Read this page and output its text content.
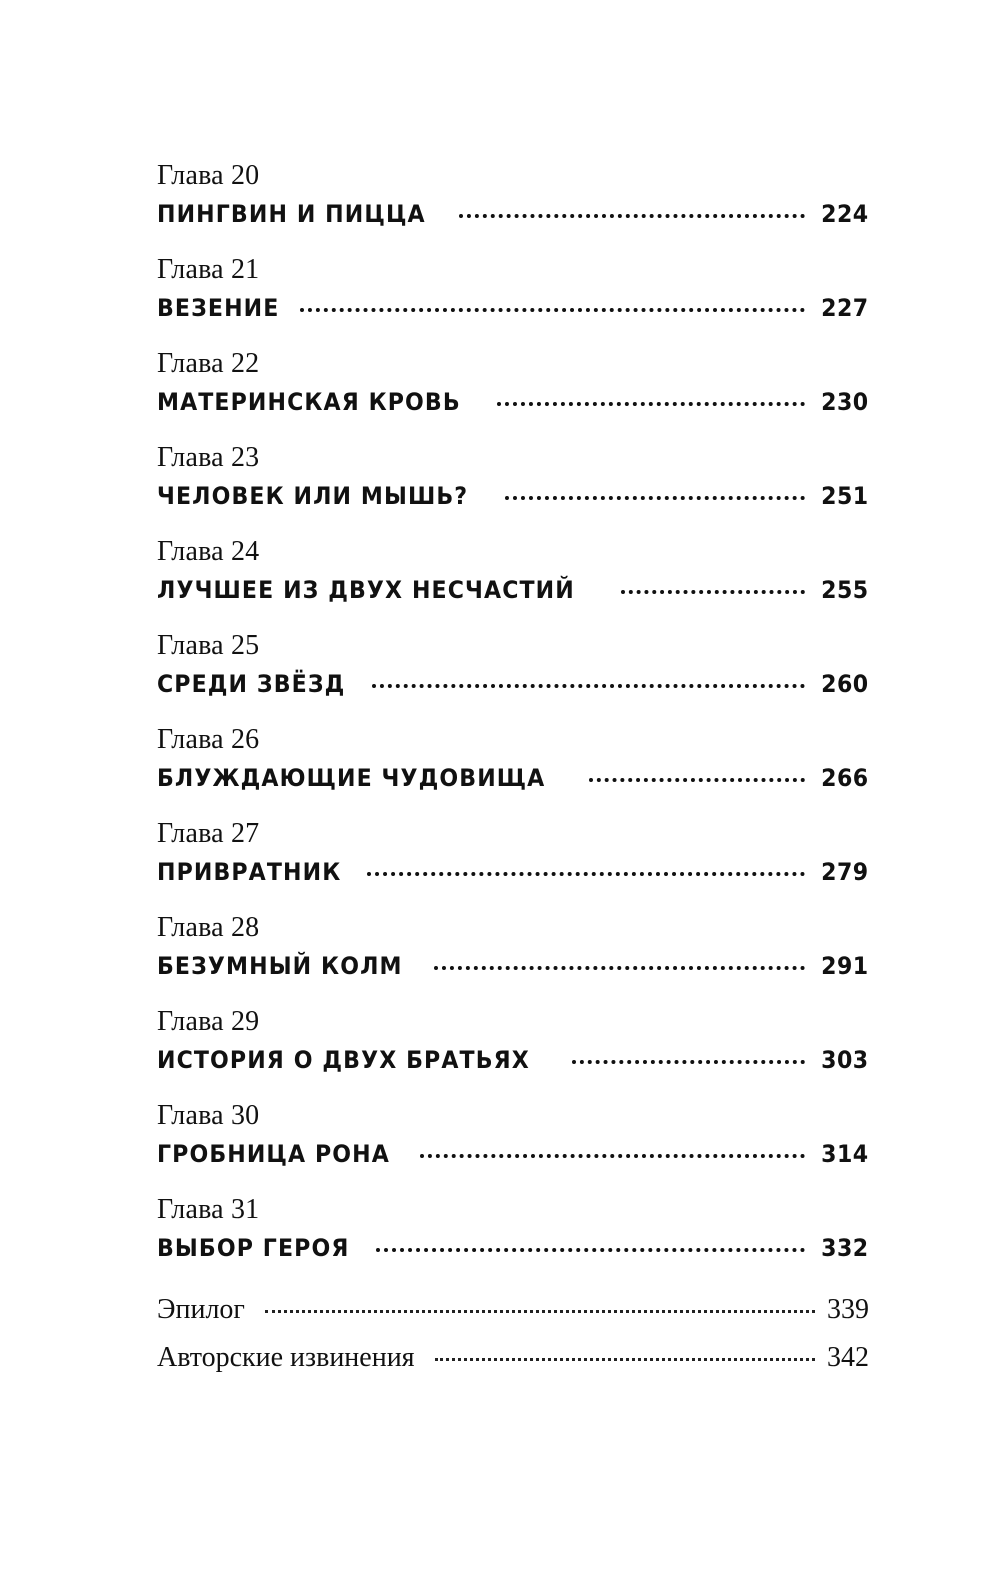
Глава 20
ПИНГВИН И ПИЦЦА	224
Глава 21
ВЕЗЕНИЕ	227
Глава 22
МАТЕРИНСКАЯ КРОВЬ	230
Глава 23
ЧЕЛОВЕК ИЛИ МЫШЬ?	251
Глава 24
ЛУЧШЕЕ ИЗ ДВУХ НЕСЧАСТИЙ	255
Глава 25
СРЕДИ ЗВЁЗД	260
Глава 26
БЛУЖДАЮЩИЕ ЧУДОВИЩА	266
Глава 27
ПРИВРАТНИК	279
Глава 28
БЕЗУМНЫЙ КОЛМ	291
Глава 29
ИСТОРИЯ О ДВУХ БРАТЬЯХ	303
Глава 30
ГРОБНИЦА РОНА	314
Глава 31
ВЫБОР ГЕРОЯ	332
Эпилог	339
Авторские извинения	342
